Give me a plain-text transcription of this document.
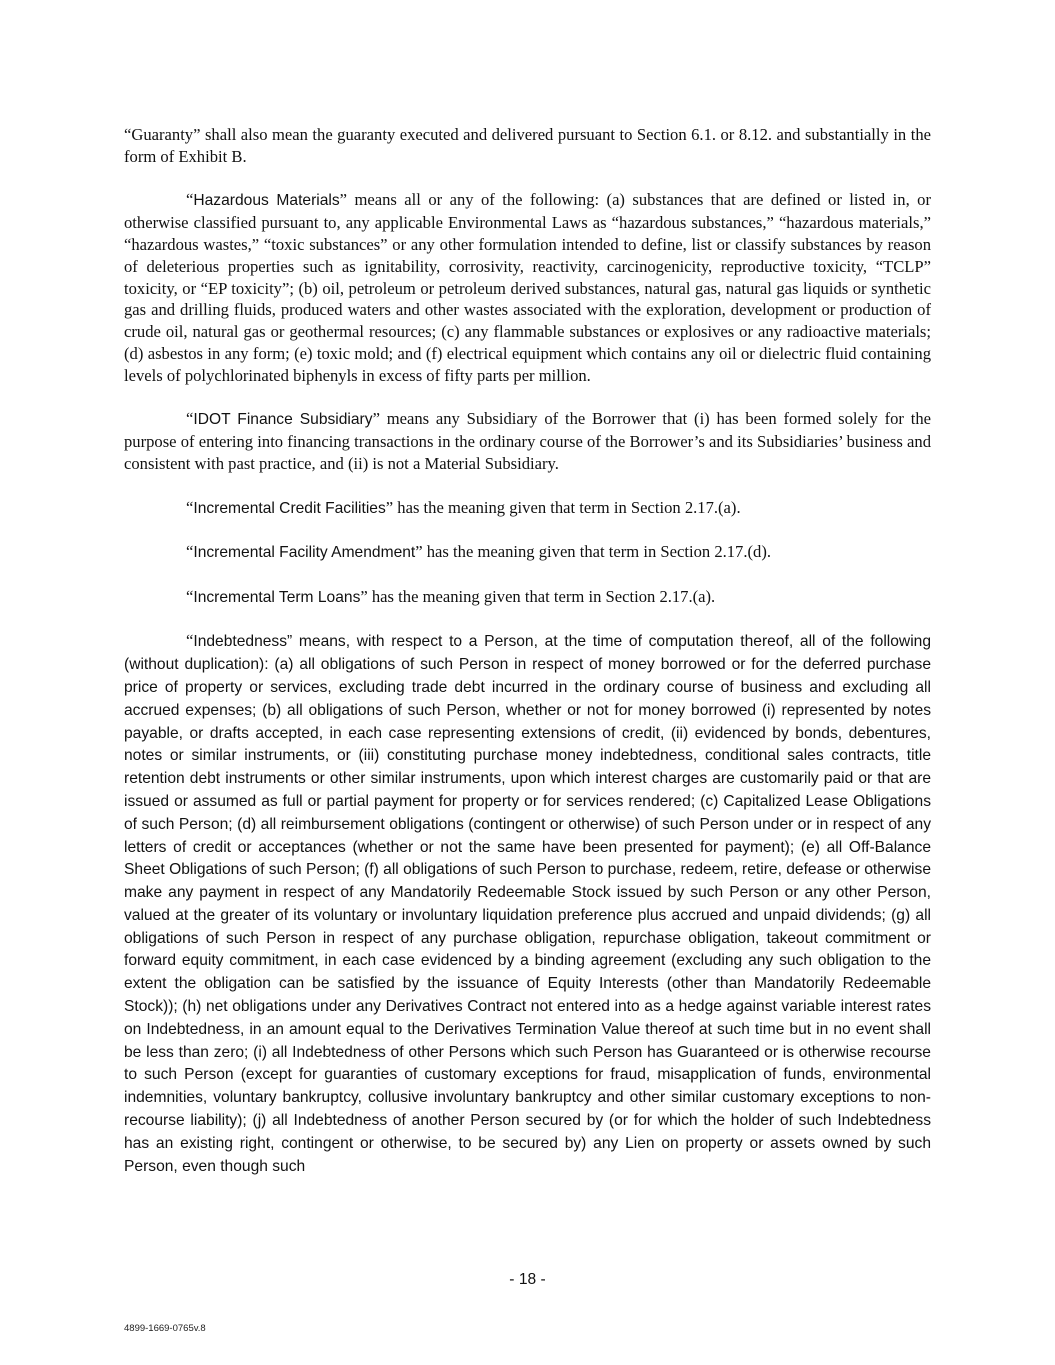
“Guaranty” shall also mean the guaranty executed and delivered pursuant to Section 6.1. or 8.12. and substantially in the form of Exhibit B.

“Hazardous Materials” means all or any of the following: (a) substances that are defined or listed in, or otherwise classified pursuant to, any applicable Environmental Laws as “hazardous substances,” “hazardous materials,” “hazardous wastes,” “toxic substances” or any other formulation intended to define, list or classify substances by reason of deleterious properties such as ignitability, corrosivity, reactivity, carcinogenicity, reproductive toxicity, “TCLP” toxicity, or “EP toxicity”; (b) oil, petroleum or petroleum derived substances, natural gas, natural gas liquids or synthetic gas and drilling fluids, produced waters and other wastes associated with the exploration, development or production of crude oil, natural gas or geothermal resources; (c) any flammable substances or explosives or any radioactive materials; (d) asbestos in any form; (e) toxic mold; and (f) electrical equipment which contains any oil or dielectric fluid containing levels of polychlorinated biphenyls in excess of fifty parts per million.

“IDOT Finance Subsidiary” means any Subsidiary of the Borrower that (i) has been formed solely for the purpose of entering into financing transactions in the ordinary course of the Borrower’s and its Subsidiaries’ business and consistent with past practice, and (ii) is not a Material Subsidiary.

“Incremental Credit Facilities” has the meaning given that term in Section 2.17.(a).

“Incremental Facility Amendment” has the meaning given that term in Section 2.17.(d).

“Incremental Term Loans” has the meaning given that term in Section 2.17.(a).

“Indebtedness” means, with respect to a Person, at the time of computation thereof, all of the following (without duplication): (a) all obligations of such Person in respect of money borrowed or for the deferred purchase price of property or services, excluding trade debt incurred in the ordinary course of business and excluding all accrued expenses; (b) all obligations of such Person, whether or not for money borrowed (i) represented by notes payable, or drafts accepted, in each case representing extensions of credit, (ii) evidenced by bonds, debentures, notes or similar instruments, or (iii) constituting purchase money indebtedness, conditional sales contracts, title retention debt instruments or other similar instruments, upon which interest charges are customarily paid or that are issued or assumed as full or partial payment for property or for services rendered; (c) Capitalized Lease Obligations of such Person; (d) all reimbursement obligations (contingent or otherwise) of such Person under or in respect of any letters of credit or acceptances (whether or not the same have been presented for payment); (e) all Off-Balance Sheet Obligations of such Person; (f) all obligations of such Person to purchase, redeem, retire, defease or otherwise make any payment in respect of any Mandatorily Redeemable Stock issued by such Person or any other Person, valued at the greater of its voluntary or involuntary liquidation preference plus accrued and unpaid dividends; (g) all obligations of such Person in respect of any purchase obligation, repurchase obligation, takeout commitment or forward equity commitment, in each case evidenced by a binding agreement (excluding any such obligation to the extent the obligation can be satisfied by the issuance of Equity Interests (other than Mandatorily Redeemable Stock)); (h) net obligations under any Derivatives Contract not entered into as a hedge against variable interest rates on Indebtedness, in an amount equal to the Derivatives Termination Value thereof at such time but in no event shall be less than zero; (i) all Indebtedness of other Persons which such Person has Guaranteed or is otherwise recourse to such Person (except for guaranties of customary exceptions for fraud, misapplication of funds, environmental indemnities, voluntary bankruptcy, collusive involuntary bankruptcy and other similar customary exceptions to non-recourse liability); (j) all Indebtedness of another Person secured by (or for which the holder of such Indebtedness has an existing right, contingent or otherwise, to be secured by) any Lien on property or assets owned by such Person, even though such

- 18 -
4899-1669-0765v.8
